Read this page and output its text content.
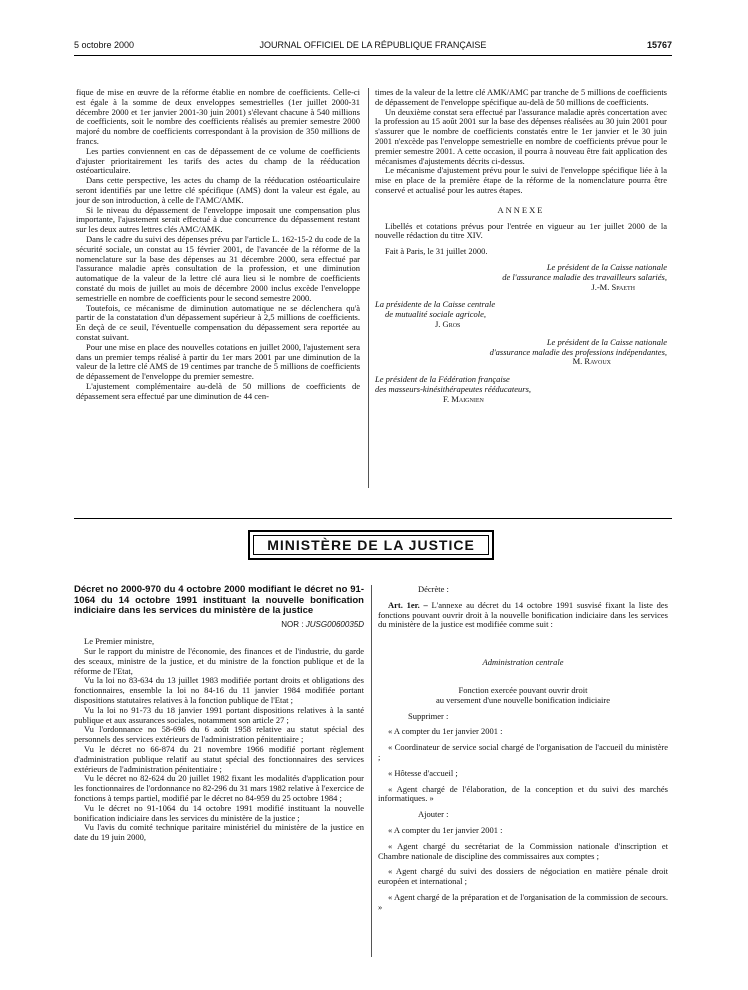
5 octobre 2000	JOURNAL OFFICIEL DE LA RÉPUBLIQUE FRANÇAISE	15767

fique de mise en œuvre de la réforme établie en nombre de coefficients. Celle-ci est égale à la somme de deux enveloppes semestrielles (1er juillet 2000-31 décembre 2000 et 1er janvier 2001-30 juin 2001) s'élevant chacune à 540 millions de coefficients, soit le nombre des coefficients réalisés au premier semestre 2000 majoré du nombre de coefficients correspondant à la provision de 350 millions de francs.

Les parties conviennent en cas de dépassement de ce volume de coefficients d'ajuster prioritairement les tarifs des actes du champ de la rééducation ostéoarticulaire.

Dans cette perspective, les actes du champ de la rééducation ostéoarticulaire seront identifiés par une lettre clé spécifique (AMS) dont la valeur est égale, au jour de son introduction, à celle de l'AMC/AMK.

Si le niveau du dépassement de l'enveloppe imposait une compensation plus importante, l'ajustement serait effectué à due concurrence du dépassement restant sur les deux autres lettres clés AMC/AMK.

Dans le cadre du suivi des dépenses prévu par l'article L. 162-15-2 du code de la sécurité sociale, un constat au 15 février 2001, de l'avancée de la réforme de la nomenclature sur la base des dépenses au 31 décembre 2000, sera effectué par l'assurance maladie après consultation de la profession, et une diminution automatique de la valeur de la lettre clé aura lieu si le nombre de coefficients constaté du mois de juillet au mois de décembre 2000 inclus excède l'enveloppe semestrielle en nombre de coefficients pour le second semestre 2000.

Toutefois, ce mécanisme de diminution automatique ne se déclenchera qu'à partir de la constatation d'un dépassement supérieur à 2,5 millions de coefficients. En deçà de ce seuil, l'éventuelle compensation du dépassement sera reportée au constat suivant.

Pour une mise en place des nouvelles cotations en juillet 2000, l'ajustement sera dans un premier temps réalisé à partir du 1er mars 2001 par une diminution de la valeur de la lettre clé AMS de 19 centimes par tranche de 5 millions de coefficients de dépassement de l'enveloppe du premier semestre.

L'ajustement complémentaire au-delà de 50 millions de coefficients de dépassement sera effectué par une diminution de 44 cen-

times de la valeur de la lettre clé AMK/AMC par tranche de 5 millions de coefficients de dépassement de l'enveloppe spécifique au-delà de 50 millions de coefficients.

Un deuxième constat sera effectué par l'assurance maladie après concertation avec la profession au 15 août 2001 sur la base des dépenses réalisées au 30 juin 2001 pour s'assurer que le nombre de coefficients constatés entre le 1er janvier et le 30 juin 2001 n'excède pas l'enveloppe semestrielle en nombre de coefficients prévue pour le premier semestre 2001. A cette occasion, il pourra à nouveau être fait application des mécanismes d'ajustements décrits ci-dessus.

Le mécanisme d'ajustement prévu pour le suivi de l'enveloppe spécifique liée à la mise en place de la première étape de la réforme de la nomenclature pourra être conservé et actualisé pour les autres étapes.

ANNEXE

Libellés et cotations prévus pour l'entrée en vigueur au 1er juillet 2000 de la nouvelle rédaction du titre XIV.

Fait à Paris, le 31 juillet 2000.

Le président de la Caisse nationale
de l'assurance maladie des travailleurs salariés,
J.-M. Spaeth
La présidente de la Caisse centrale
de mutualité sociale agricole,
J. Gros
Le président de la Caisse nationale
d'assurance maladie des professions indépendantes,
M. Ravoux
Le président de la Fédération française
des masseurs-kinésithérapeutes rééducateurs,
F. Maignien
MINISTÈRE DE LA JUSTICE
Décret no 2000-970 du 4 octobre 2000 modifiant le décret no 91-1064 du 14 octobre 1991 instituant la nouvelle bonification indiciaire dans les services du ministère de la justice
NOR : JUSG0060035D

Le Premier ministre,

Sur le rapport du ministre de l'économie, des finances et de l'industrie, du garde des sceaux, ministre de la justice, et du ministre de la fonction publique et de la réforme de l'Etat,

Vu la loi no 83-634 du 13 juillet 1983 modifiée portant droits et obligations des fonctionnaires, ensemble la loi no 84-16 du 11 janvier 1984 modifiée portant dispositions statutaires relatives à la fonction publique de l'Etat ;

Vu la loi no 91-73 du 18 janvier 1991 portant dispositions relatives à la santé publique et aux assurances sociales, notamment son article 27 ;

Vu l'ordonnance no 58-696 du 6 août 1958 relative au statut spécial des personnels des services extérieurs de l'administration pénitentiaire ;

Vu le décret no 66-874 du 21 novembre 1966 modifié portant règlement d'administration publique relatif au statut spécial des fonctionnaires des services extérieurs de l'administration pénitentiaire ;

Vu le décret no 82-624 du 20 juillet 1982 fixant les modalités d'application pour les fonctionnaires de l'ordonnance no 82-296 du 31 mars 1982 relative à l'exercice de fonctions à temps partiel, modifié par le décret no 84-959 du 25 octobre 1984 ;

Vu le décret no 91-1064 du 14 octobre 1991 modifié instituant la nouvelle bonification indiciaire dans les services du ministère de la justice ;

Vu l'avis du comité technique paritaire ministériel du ministère de la justice en date du 19 juin 2000,

Décrète :

Art. 1er. – L'annexe au décret du 14 octobre 1991 susvisé fixant la liste des fonctions pouvant ouvrir droit à la nouvelle bonification indiciaire dans les services du ministère de la justice est modifiée comme suit :

Administration centrale

Fonction exercée pouvant ouvrir droit

au versement d'une nouvelle bonification indiciaire

Supprimer :

« A compter du 1er janvier 2001 :

« Coordinateur de service social chargé de l'organisation de l'accueil du ministère ;

« Hôtesse d'accueil ;

« Agent chargé de l'élaboration, de la conception et du suivi des marchés informatiques. »

Ajouter :

« A compter du 1er janvier 2001 :

« Agent chargé du secrétariat de la Commission nationale d'inscription et Chambre nationale de discipline des commissaires aux comptes ;

« Agent chargé du suivi des dossiers de négociation en matière pénale droit européen et international ;

« Agent chargé de la préparation et de l'organisation de la commission de secours. »
